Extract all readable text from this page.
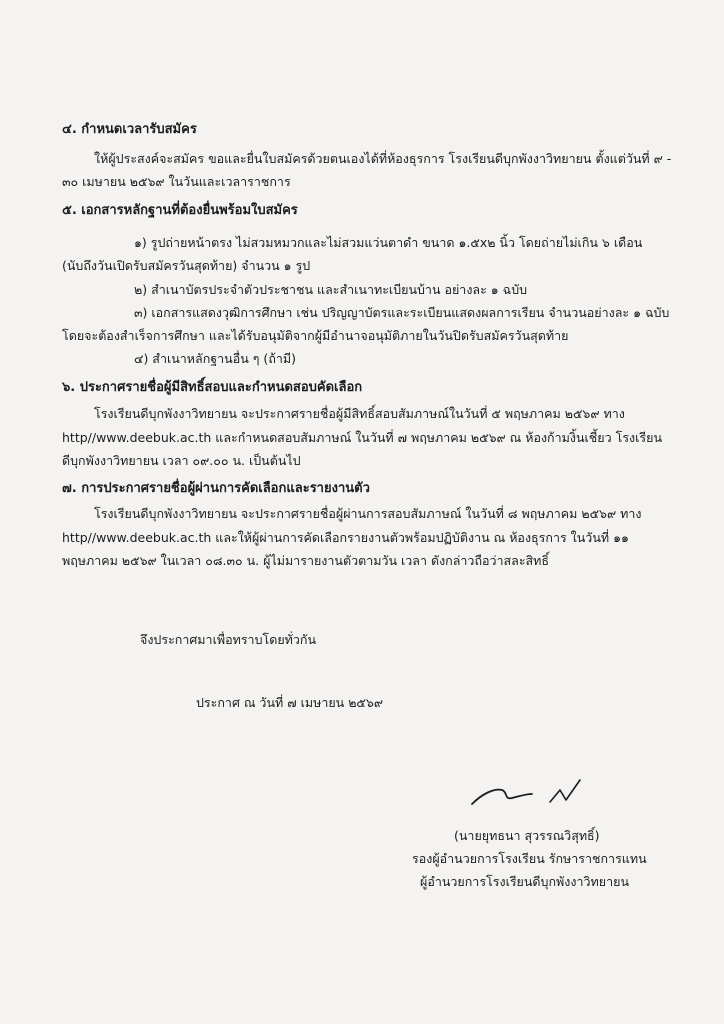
๔. กำหนดเวลารับสมัคร
ให้ผู้ประสงค์จะสมัคร ขอและยื่นใบสมัครด้วยตนเองได้ที่ห้องธุรการ โรงเรียนดีบุกพังงาวิทยายน ตั้งแต่วันที่ ๙ -
๓๐ เมษายน ๒๕๖๙ ในวันและเวลาราชการ
๕. เอกสารหลักฐานที่ต้องยื่นพร้อมใบสมัคร
๑) รูปถ่ายหน้าตรง ไม่สวมหมวกและไม่สวมแว่นตาดำ ขนาด ๑.๕x๒ นิ้ว โดยถ่ายไม่เกิน ๖ เดือน
(นับถึงวันเปิดรับสมัครวันสุดท้าย) จำนวน ๑ รูป
๒) สำเนาบัตรประจำตัวประชาชน และสำเนาทะเบียนบ้าน อย่างละ ๑ ฉบับ
๓) เอกสารแสดงวุฒิการศึกษา เช่น ปริญญาบัตรและระเบียนแสดงผลการเรียน จำนวนอย่างละ ๑ ฉบับ
โดยจะต้องสำเร็จการศึกษา และได้รับอนุมัติจากผู้มีอำนาจอนุมัติภายในวันปิดรับสมัครวันสุดท้าย
๔) สำเนาหลักฐานอื่น ๆ (ถ้ามี)
๖. ประกาศรายชื่อผู้มีสิทธิ์สอบและกำหนดสอบคัดเลือก
โรงเรียนดีบุกพังงาวิทยายน จะประกาศรายชื่อผู้มีสิทธิ์สอบสัมภาษณ์ในวันที่ ๕ พฤษภาคม ๒๕๖๙ ทาง
http//www.deebuk.ac.th และกำหนดสอบสัมภาษณ์ ในวันที่ ๗ พฤษภาคม ๒๕๖๙ ณ ห้องก้ามงิ้นเชี้ยว โรงเรียน
ดีบุกพังงาวิทยายน เวลา ๐๙.๐๐ น. เป็นต้นไป
๗. การประกาศรายชื่อผู้ผ่านการคัดเลือกและรายงานตัว
โรงเรียนดีบุกพังงาวิทยายน จะประกาศรายชื่อผู้ผ่านการสอบสัมภาษณ์ ในวันที่ ๘ พฤษภาคม ๒๕๖๙ ทาง
http//www.deebuk.ac.th และให้ผู้ผ่านการคัดเลือกรายงานตัวพร้อมปฏิบัติงาน ณ ห้องธุรการ ในวันที่ ๑๑
พฤษภาคม ๒๕๖๙ ในเวลา ๐๘.๓๐ น. ผู้ไม่มารายงานตัวตามวัน เวลา ดังกล่าวถือว่าสละสิทธิ์
จึงประกาศมาเพื่อทราบโดยทั่วกัน
ประกาศ ณ วันที่ ๗ เมษายน ๒๕๖๙
(นายยุทธนา สุวรรณวิสุทธิ์)
รองผู้อำนวยการโรงเรียน รักษาราชการแทน
ผู้อำนวยการโรงเรียนดีบุกพังงาวิทยายน
